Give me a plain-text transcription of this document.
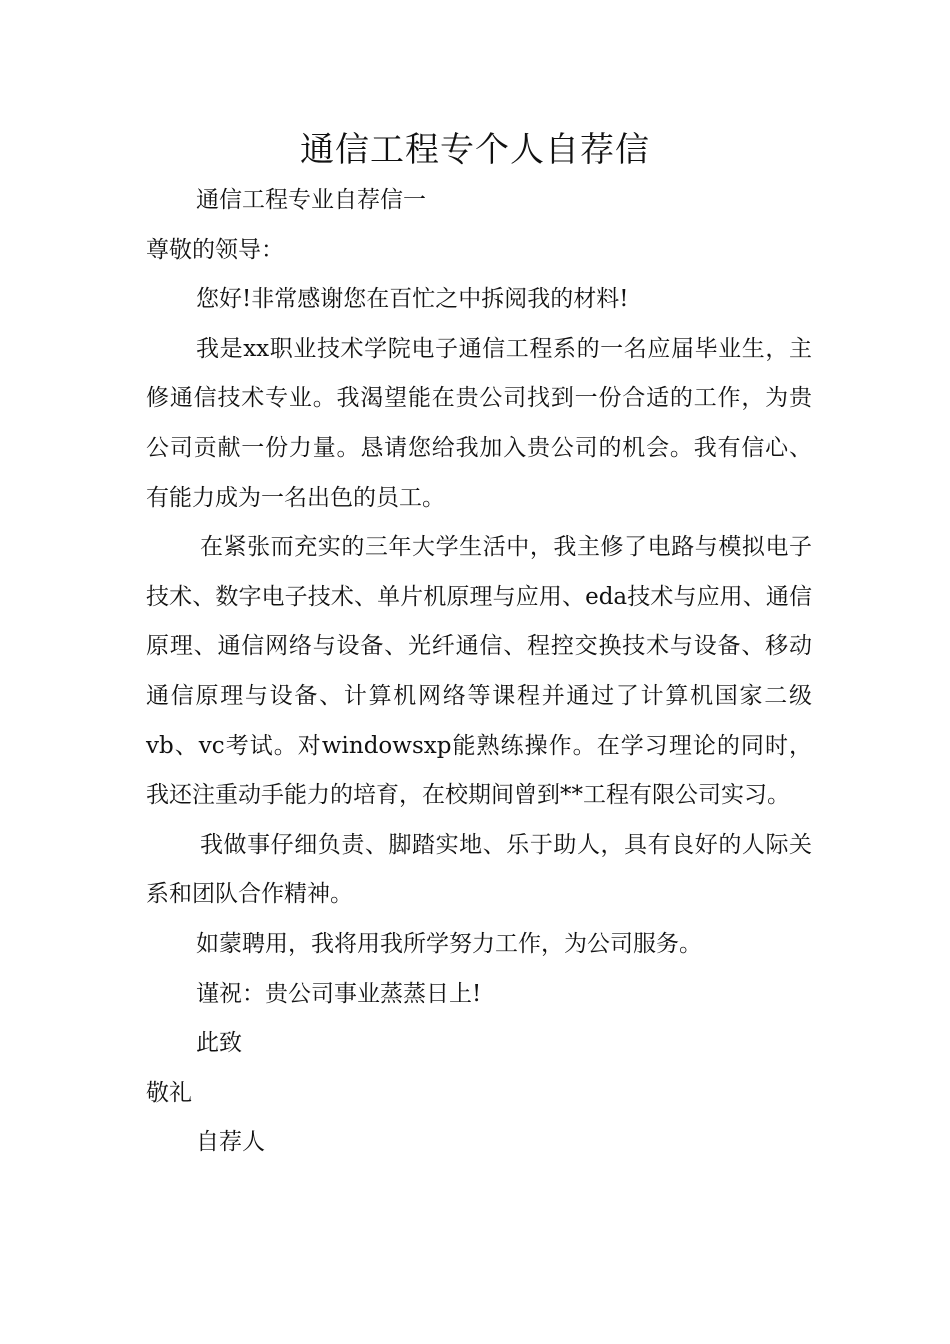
通信工程专个人自荐信

通信工程专业自荐信一

尊敬的领导：

您好!非常感谢您在百忙之中拆阅我的材料!

我是xx职业技术学院电子通信工程系的一名应届毕业生，主修通信技术专业。我渴望能在贵公司找到一份合适的工作，为贵公司贡献一份力量。恳请您给我加入贵公司的机会。我有信心、有能力成为一名出色的员工。

在紧张而充实的三年大学生活中，我主修了电路与模拟电子技术、数字电子技术、单片机原理与应用、eda技术与应用、通信原理、通信网络与设备、光纤通信、程控交换技术与设备、移动通信原理与设备、计算机网络等课程并通过了计算机国家二级vb、vc考试。对windowsxp能熟练操作。在学习理论的同时，我还注重动手能力的培育，在校期间曾到**工程有限公司实习。

我做事仔细负责、脚踏实地、乐于助人，具有良好的人际关系和团队合作精神。

如蒙聘用，我将用我所学努力工作，为公司服务。

谨祝：贵公司事业蒸蒸日上!

此致

敬礼

自荐人
